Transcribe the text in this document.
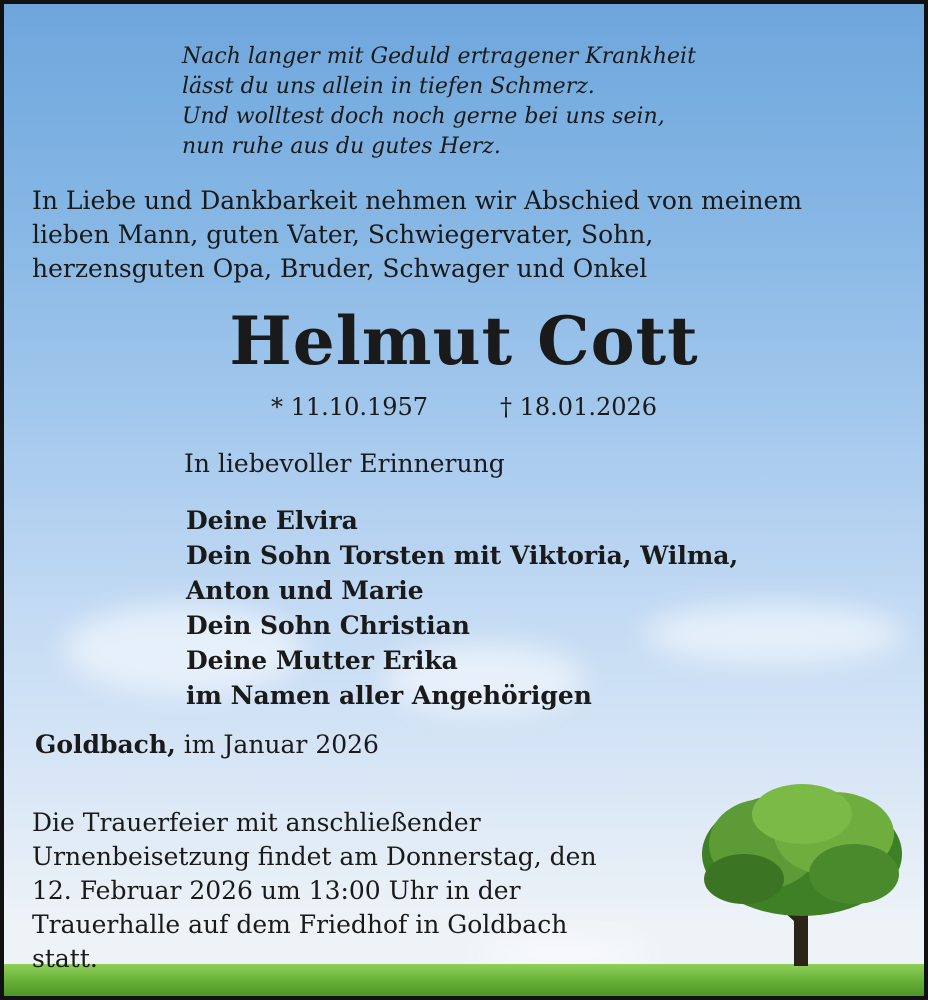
Nach langer mit Geduld ertragener Krankheit
lässt du uns allein in tiefen Schmerz.
Und wolltest doch noch gerne bei uns sein,
nun ruhe aus du gutes Herz.
In Liebe und Dankbarkeit nehmen wir Abschied von meinem
lieben Mann, guten Vater, Schwiegervater, Sohn,
herzensguten Opa, Bruder, Schwager und Onkel
Helmut Cott
* 11.10.1957	† 18.01.2026
In liebevoller Erinnerung
Deine Elvira
Dein Sohn Torsten mit Viktoria, Wilma,
Anton und Marie
Dein Sohn Christian
Deine Mutter Erika
im Namen aller Angehörigen
Goldbach, im Januar 2026
Die Trauerfeier mit anschließender
Urnenbeisetzung findet am Donnerstag, den
12. Februar 2026 um 13:00 Uhr in der
Trauerhalle auf dem Friedhof in Goldbach
statt.
